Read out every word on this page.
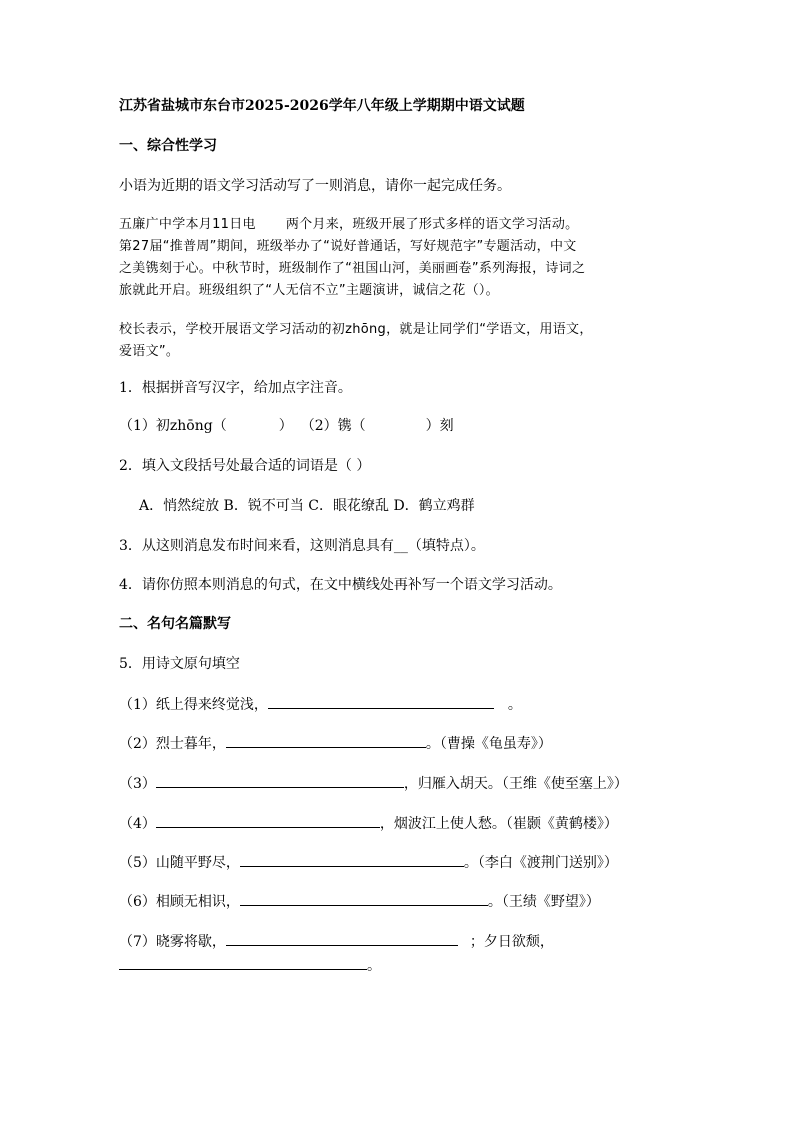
江苏省盐城市东台市2025-2026学年八年级上学期期中语文试题
一、综合性学习
小语为近期的语文学习活动写了一则消息，请你一起完成任务。
五廉广中学本月11日电 两个月来，班级开展了形式多样的语文学习活动。
第27届“推普周”期间，班级举办了“说好普通话，写好规范字”专题活动，中文
之美镌刻于心。中秋节时，班级制作了“祖国山河，美丽画卷”系列海报，诗词之
旅就此开启。班级组织了“人无信不立”主题演讲，诚信之花（）。
校长表示，学校开展语文学习活动的初zhōng，就是让同学们“学语文，用语文，
爱语文”。
1．根据拼音写汉字，给加点字注音。
（1）初zhōng（	） （2）镌（	）刻
2．填入文段括号处最合适的词语是（ ）
A．悄然绽放 B．锐不可当 C．眼花缭乱 D．鹤立鸡群
3．从这则消息发布时间来看，这则消息具有__（填特点）。
4．请你仿照本则消息的句式，在文中横线处再补写一个语文学习活动。
二、名句名篇默写
5．用诗文原句填空
（1）纸上得来终觉浅，	。
（2）烈士暮年，	。（曹操《龟虽寿》）
（3）	，归雁入胡天。（王维《使至塞上》）
（4）	，烟波江上使人愁。（崔颢《黄鹤楼》）
（5）山随平野尽，	。（李白《渡荆门送别》）
（6）相顾无相识，	。（王绩《野望》）
（7）晓雾将歇，	；夕日欲颓，
。
